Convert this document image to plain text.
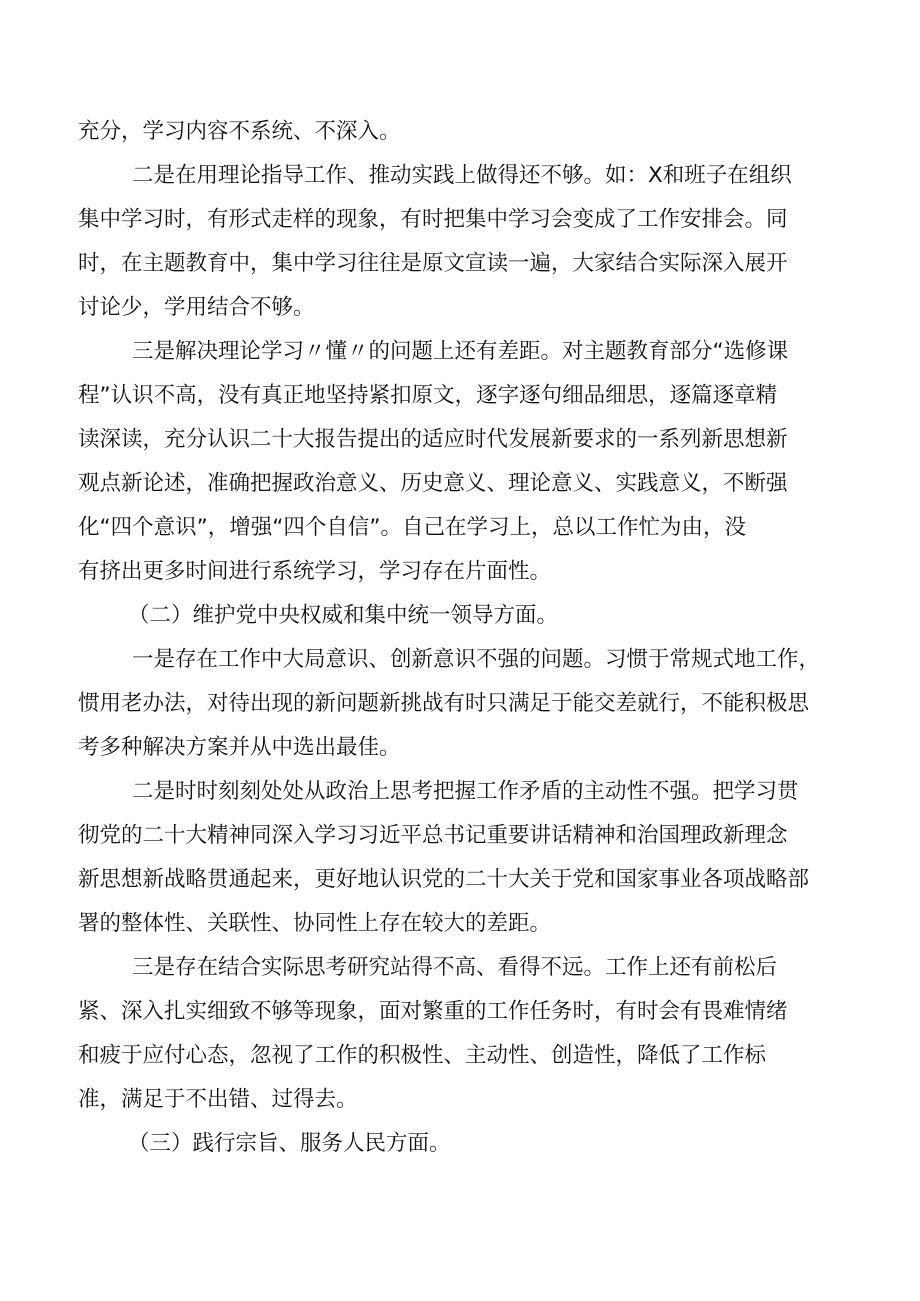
充分，学习内容不系统、不深入。
二是在用理论指导工作、推动实践上做得还不够。如：X和班子在组织
集中学习时，有形式走样的现象，有时把集中学习会变成了工作安排会。同
时，在主题教育中，集中学习往往是原文宣读一遍，大家结合实际深入展开
讨论少，学用结合不够。
三是解决理论学习〃懂〃的问题上还有差距。对主题教育部分“选修课
程”认识不高，没有真正地坚持紧扣原文，逐字逐句细品细思，逐篇逐章精
读深读，充分认识二十大报告提出的适应时代发展新要求的一系列新思想新
观点新论述，准确把握政治意义、历史意义、理论意义、实践意义，不断强
化“四个意识”，增强“四个自信”。自己在学习上，总以工作忙为由，没
有挤出更多时间进行系统学习，学习存在片面性。
（二）维护党中央权威和集中统一领导方面。
一是存在工作中大局意识、创新意识不强的问题。习惯于常规式地工作，
惯用老办法，对待出现的新问题新挑战有时只满足于能交差就行，不能积极思
考多种解决方案并从中选出最佳。
二是时时刻刻处处从政治上思考把握工作矛盾的主动性不强。把学习贯
彻党的二十大精神同深入学习习近平总书记重要讲话精神和治国理政新理念
新思想新战略贯通起来，更好地认识党的二十大关于党和国家事业各项战略部
署的整体性、关联性、协同性上存在较大的差距。
三是存在结合实际思考研究站得不高、看得不远。工作上还有前松后
紧、深入扎实细致不够等现象，面对繁重的工作任务时，有时会有畏难情绪
和疲于应付心态，忽视了工作的积极性、主动性、创造性，降低了工作标
准，满足于不出错、过得去。
（三）践行宗旨、服务人民方面。
